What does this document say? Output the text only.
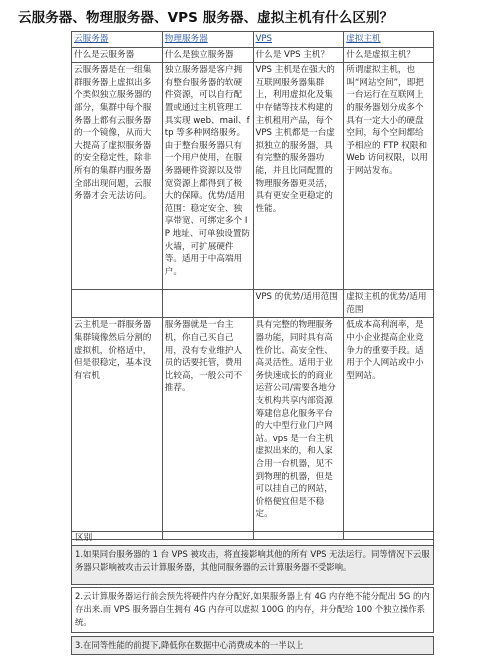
云服务器、物理服务器、VPS 服务器、虚拟主机有什么区别？
云服务器	物理服务器	VPS	虚拟主机
什么是云服务器	什么是独立服务器	什么是 VPS 主机？	什么是虚拟主机？
云服务器是在一组集群服务器上虚拟出多个类似独立服务器的部分，集群中每个服务器上都有云服务器的一个镜像，从而大大提高了虚拟服务器的安全稳定性，除非所有的集群内服务器全部出现问题，云服务器才会无法访问。	独立服务器是客户拥有整台服务器的软硬件资源，可以自行配置或通过主机管理工具实现 web、mail、ftp 等多种网络服务。由于整台服务器只有一个用户使用，在服务器硬件资源以及带宽资源上都得到了极大的保障。优势/适用范围：稳定安全、独享带宽、可绑定多个 IP 地址、可单独设置防火墙，可扩展硬件等。适用于中高端用户。	VPS 主机是在强大的互联网服务器集群上，利用虚拟化及集中存储等技术构建的主机租用产品，每个 VPS 主机都是一台虚拟独立的服务器，具有完整的服务器功能，并且比同配置的物理服务器更灵活，具有更安全更稳定的性能。	所谓虚拟主机，也叫“网站空间”，即把一台运行在互联网上的服务器划分成多个具有一定大小的硬盘空间，每个空间都给予相应的 FTP 权限和 Web 访问权限，以用于网站发布。
		VPS 的优势/适用范围	虚拟主机的优势/适用范围
云主机是一群服务器集群镜像然后分割的虚拟机，价格适中，但是很稳定，基本没有宕机	服务器就是一台主机，你自己买自己用，没有专业维护人员的话要托管，费用比较高，一般公司不推荐。	具有完整的物理服务器功能，同时具有高性价比、高安全性、高灵活性。适用于业务快速成长的的商业运营公司/需要各地分支机构共享内部资源筹建信息化服务平台的大中型行业门户网站。vps 是一台主机虚拟出来的，和人家合用一台机器，见不到物理的机器，但是可以挂自己的网站，价格便宜但是不稳定。	低成本高利润率，是中小企业提高企业竞争力的重要手段。适用于个人网站或中小型网站。
区别
1.如果同台服务器的 1 台 VPS 被攻击，将直接影响其他的所有 VPS 无法运行。同等情况下云服务器只影响被攻击云计算服务器，其他同服务器的云计算服务器不受影响。
2.云计算服务器运行前会预先将硬件内存分配好,如果服务器上有 4G 内存绝不能分配出 5G 的内存出来.而 VPS 服务器自生拥有 4G 内存可以虚拟 100G 的内存，并分配给 100 个独立操作系统。
3.在同等性能的前提下,降低你在数据中心消费成本的一半以上
